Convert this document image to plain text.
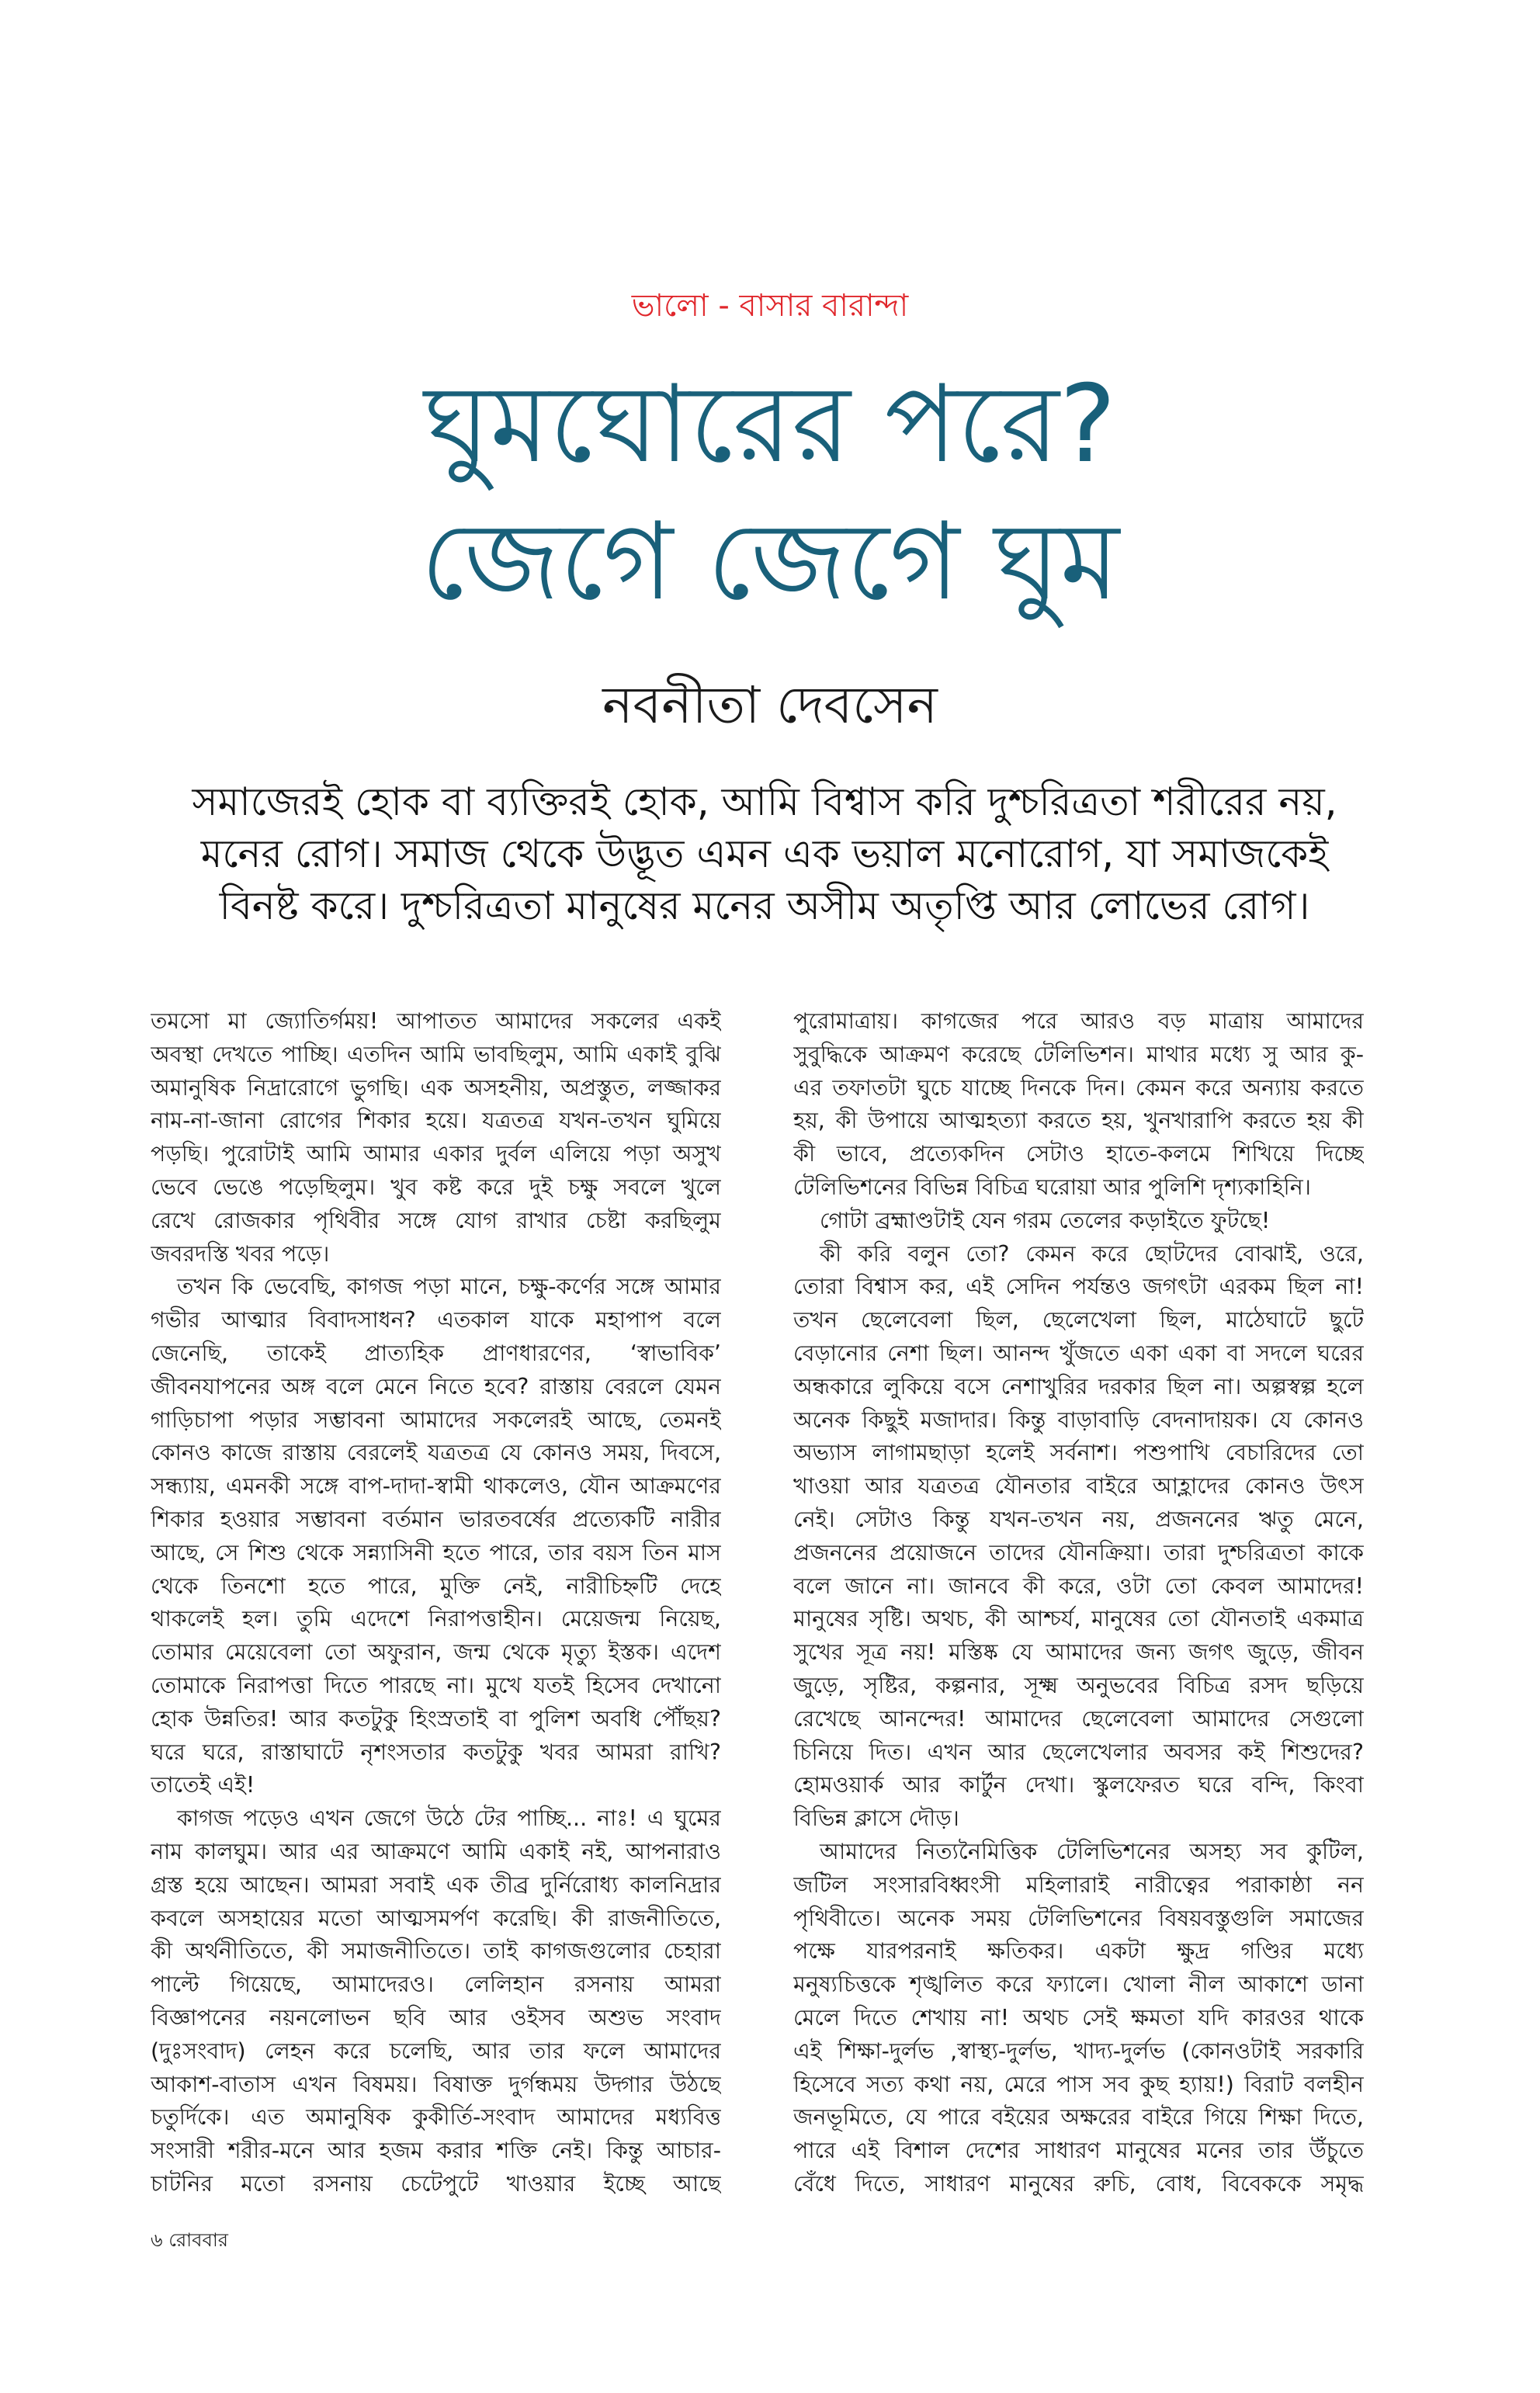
ভালো - বাসার বারান্দা
ঘুমঘোরের পরে?
জেগে জেগে ঘুম
নবনীতা দেবসেন
সমাজেরই হোক বা ব্যক্তিরই হোক, আমি বিশ্বাস করি দুশ্চরিত্রতা শরীরের নয়,
মনের রোগ। সমাজ থেকে উদ্ভূত এমন এক ভয়াল মনোরোগ, যা সমাজকেই
বিনষ্ট করে। দুশ্চরিত্রতা মানুষের মনের অসীম অতৃপ্তি আর লোভের রোগ।
তমসো মা জ্যোতির্গময়! আপাতত আমাদের সকলের একই
অবস্থা দেখতে পাচ্ছি। এতদিন আমি ভাবছিলুম, আমি একাই বুঝি
অমানুষিক নিদ্রারোগে ভুগছি। এক অসহনীয়, অপ্রস্তুত, লজ্জাকর
নাম-না-জানা রোগের শিকার হয়ে। যত্রতত্র যখন-তখন ঘুমিয়ে
পড়ছি। পুরোটাই আমি আমার একার দুর্বল এলিয়ে পড়া অসুখ
ভেবে ভেঙে পড়েছিলুম। খুব কষ্ট করে দুই চক্ষু সবলে খুলে
রেখে রোজকার পৃথিবীর সঙ্গে যোগ রাখার চেষ্টা করছিলুম
জবরদস্তি খবর পড়ে।
তখন কি ভেবেছি, কাগজ পড়া মানে, চক্ষু-কর্ণের সঙ্গে আমার
গভীর আত্মার বিবাদসাধন? এতকাল যাকে মহাপাপ বলে
জেনেছি, তাকেই প্রাত্যহিক প্রাণধারণের, ‘স্বাভাবিক’
জীবনযাপনের অঙ্গ বলে মেনে নিতে হবে? রাস্তায় বেরলে যেমন
গাড়িচাপা পড়ার সম্ভাবনা আমাদের সকলেরই আছে, তেমনই
কোনও কাজে রাস্তায় বেরলেই যত্রতত্র যে কোনও সময়, দিবসে,
সন্ধ্যায়, এমনকী সঙ্গে বাপ-দাদা-স্বামী থাকলেও, যৌন আক্রমণের
শিকার হওয়ার সম্ভাবনা বর্তমান ভারতবর্ষের প্রত্যেকটি নারীর
আছে, সে শিশু থেকে সন্ন্যাসিনী হতে পারে, তার বয়স তিন মাস
থেকে তিনশো হতে পারে, মুক্তি নেই, নারীচিহ্নটি দেহে
থাকলেই হল। তুমি এদেশে নিরাপত্তাহীন। মেয়েজন্ম নিয়েছ,
তোমার মেয়েবেলা তো অফুরান, জন্ম থেকে মৃত্যু ইস্তক। এদেশ
তোমাকে নিরাপত্তা দিতে পারছে না। মুখে যতই হিসেব দেখানো
হোক উন্নতির! আর কতটুকু হিংস্রতাই বা পুলিশ অবধি পৌঁছয়?
ঘরে ঘরে, রাস্তাঘাটে নৃশংসতার কতটুকু খবর আমরা রাখি?
তাতেই এই!
কাগজ পড়েও এখন জেগে উঠে টের পাচ্ছি... নাঃ! এ ঘুমের
নাম কালঘুম। আর এর আক্রমণে আমি একাই নই, আপনারাও
গ্রস্ত হয়ে আছেন। আমরা সবাই এক তীব্র দুর্নিরোধ্য কালনিদ্রার
কবলে অসহায়ের মতো আত্মসমর্পণ করেছি। কী রাজনীতিতে,
কী অর্থনীতিতে, কী সমাজনীতিতে। তাই কাগজগুলোর চেহারা
পাল্টে গিয়েছে, আমাদেরও। লেলিহান রসনায় আমরা
বিজ্ঞাপনের নয়নলোভন ছবি আর ওইসব অশুভ সংবাদ
(দুঃসংবাদ) লেহন করে চলেছি, আর তার ফলে আমাদের
আকাশ-বাতাস এখন বিষময়। বিষাক্ত দুর্গন্ধময় উদ্গার উঠছে
চতুর্দিকে। এত অমানুষিক কুকীর্তি-সংবাদ আমাদের মধ্যবিত্ত
সংসারী শরীর-মনে আর হজম করার শক্তি নেই। কিন্তু আচার-
চাটনির মতো রসনায় চেটেপুটে খাওয়ার ইচ্ছে আছে
পুরোমাত্রায়। কাগজের পরে আরও বড় মাত্রায় আমাদের
সুবুদ্ধিকে আক্রমণ করেছে টেলিভিশন। মাথার মধ্যে সু আর কু-
এর তফাতটা ঘুচে যাচ্ছে দিনকে দিন। কেমন করে অন্যায় করতে
হয়, কী উপায়ে আত্মহত্যা করতে হয়, খুনখারাপি করতে হয় কী
কী ভাবে, প্রত্যেকদিন সেটাও হাতে-কলমে শিখিয়ে দিচ্ছে
টেলিভিশনের বিভিন্ন বিচিত্র ঘরোয়া আর পুলিশি দৃশ্যকাহিনি।
গোটা ব্রহ্মাণ্ডটাই যেন গরম তেলের কড়াইতে ফুটছে!
কী করি বলুন তো? কেমন করে ছোটদের বোঝাই, ওরে,
তোরা বিশ্বাস কর, এই সেদিন পর্যন্তও জগৎটা এরকম ছিল না!
তখন ছেলেবেলা ছিল, ছেলেখেলা ছিল, মাঠেঘাটে ছুটে
বেড়ানোর নেশা ছিল। আনন্দ খুঁজতে একা একা বা সদলে ঘরের
অন্ধকারে লুকিয়ে বসে নেশাখুরির দরকার ছিল না। অল্পস্বল্প হলে
অনেক কিছুই মজাদার। কিন্তু বাড়াবাড়ি বেদনাদায়ক। যে কোনও
অভ্যাস লাগামছাড়া হলেই সর্বনাশ। পশুপাখি বেচারিদের তো
খাওয়া আর যত্রতত্র যৌনতার বাইরে আহ্লাদের কোনও উৎস
নেই। সেটাও কিন্তু যখন-তখন নয়, প্রজননের ঋতু মেনে,
প্রজননের প্রয়োজনে তাদের যৌনক্রিয়া। তারা দুশ্চরিত্রতা কাকে
বলে জানে না। জানবে কী করে, ওটা তো কেবল আমাদের!
মানুষের সৃষ্টি। অথচ, কী আশ্চর্য, মানুষের তো যৌনতাই একমাত্র
সুখের সূত্র নয়! মস্তিষ্ক যে আমাদের জন্য জগৎ জুড়ে, জীবন
জুড়ে, সৃষ্টির, কল্পনার, সূক্ষ্ম অনুভবের বিচিত্র রসদ ছড়িয়ে
রেখেছে আনন্দের! আমাদের ছেলেবেলা আমাদের সেগুলো
চিনিয়ে দিত। এখন আর ছেলেখেলার অবসর কই শিশুদের?
হোমওয়ার্ক আর কার্টুন দেখা। স্কুলফেরত ঘরে বন্দি, কিংবা
বিভিন্ন ক্লাসে দৌড়।
আমাদের নিত্যনৈমিত্তিক টেলিভিশনের অসহ্য সব কুটিল,
জটিল সংসারবিধ্বংসী মহিলারাই নারীত্বের পরাকাষ্ঠা নন
পৃথিবীতে। অনেক সময় টেলিভিশনের বিষয়বস্তুগুলি সমাজের
পক্ষে যারপরনাই ক্ষতিকর। একটা ক্ষুদ্র গণ্ডির মধ্যে
মনুষ্যচিত্তকে শৃঙ্খলিত করে ফ্যালে। খোলা নীল আকাশে ডানা
মেলে দিতে শেখায় না! অথচ সেই ক্ষমতা যদি কারওর থাকে
এই শিক্ষা-দুর্লভ ,স্বাস্থ্য-দুর্লভ, খাদ্য-দুর্লভ (কোনওটাই সরকারি
হিসেবে সত্য কথা নয়, মেরে পাস সব কুছ হ্যায়!) বিরাট বলহীন
জনভূমিতে, যে পারে বইয়ের অক্ষরের বাইরে গিয়ে শিক্ষা দিতে,
পারে এই বিশাল দেশের সাধারণ মানুষের মনের তার উঁচুতে
বেঁধে দিতে, সাধারণ মানুষের রুচি, বোধ, বিবেককে সমৃদ্ধ
৬ রোববার
